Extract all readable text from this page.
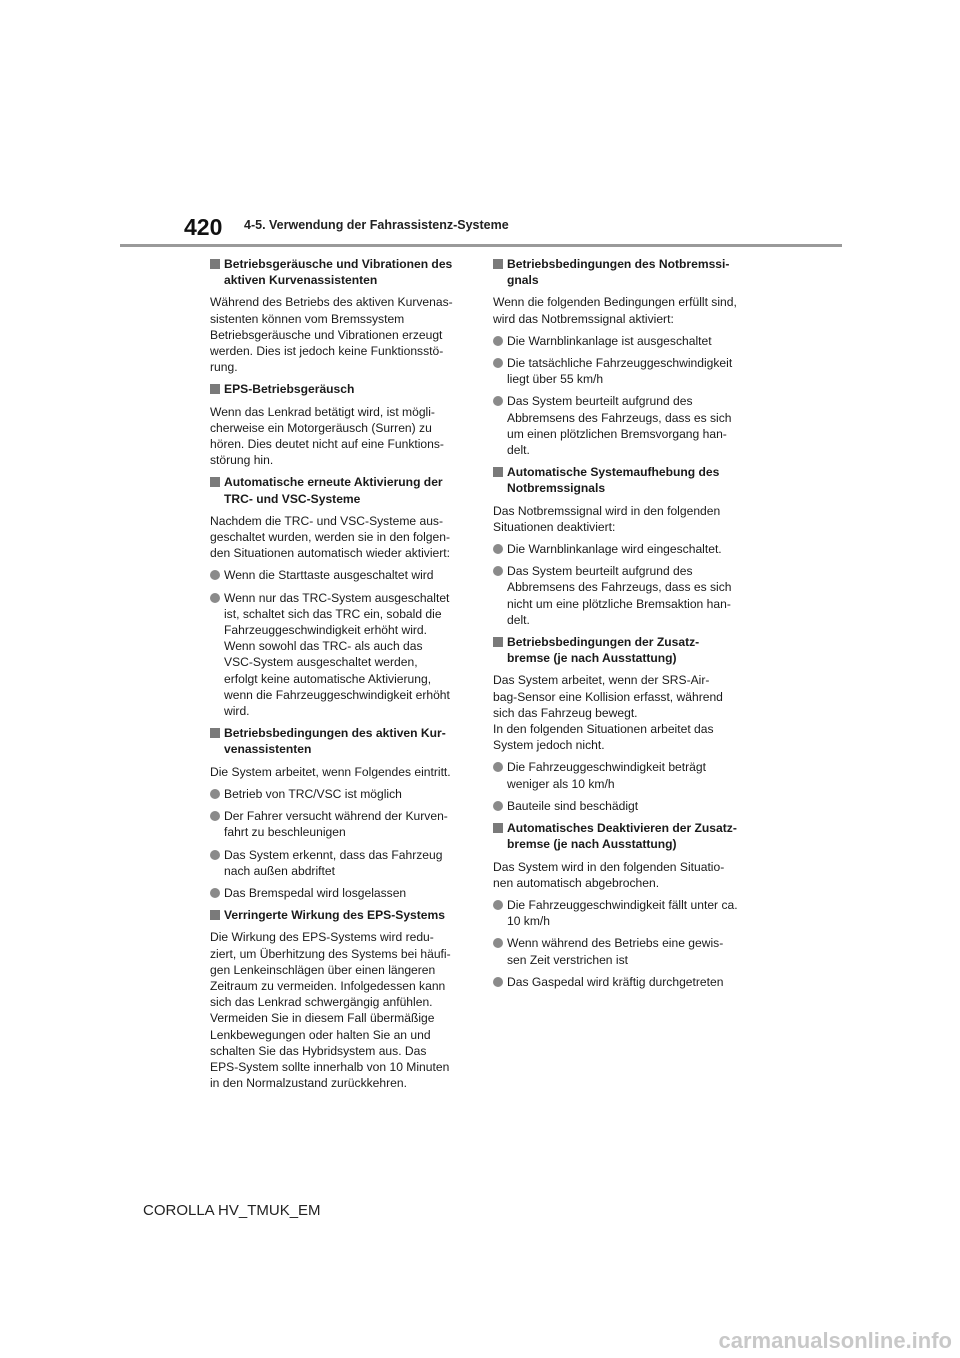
420 4-5. Verwendung der Fahrassistenz-Systeme
Betriebsgeräusche und Vibrationen des
aktiven Kurvenassistenten
Während des Betriebs des aktiven Kurvenas-
sistenten können vom Bremssystem
Betriebsgeräusche und Vibrationen erzeugt
werden. Dies ist jedoch keine Funktionsstö-
rung.
EPS-Betriebsgeräusch
Wenn das Lenkrad betätigt wird, ist mögli-
cherweise ein Motorgeräusch (Surren) zu
hören. Dies deutet nicht auf eine Funktions-
störung hin.
Automatische erneute Aktivierung der
TRC- und VSC-Systeme
Nachdem die TRC- und VSC-Systeme aus-
geschaltet wurden, werden sie in den folgen-
den Situationen automatisch wieder aktiviert:
Wenn die Starttaste ausgeschaltet wird
Wenn nur das TRC-System ausgeschaltet
ist, schaltet sich das TRC ein, sobald die
Fahrzeuggeschwindigkeit erhöht wird.
Wenn sowohl das TRC- als auch das
VSC-System ausgeschaltet werden,
erfolgt keine automatische Aktivierung,
wenn die Fahrzeuggeschwindigkeit erhöht
wird.
Betriebsbedingungen des aktiven Kur-
venassistenten
Die System arbeitet, wenn Folgendes eintritt.
Betrieb von TRC/VSC ist möglich
Der Fahrer versucht während der Kurven-
fahrt zu beschleunigen
Das System erkennt, dass das Fahrzeug
nach außen abdriftet
Das Bremspedal wird losgelassen
Verringerte Wirkung des EPS-Systems
Die Wirkung des EPS-Systems wird redu-
ziert, um Überhitzung des Systems bei häufi-
gen Lenkeinschlägen über einen längeren
Zeitraum zu vermeiden. Infolgedessen kann
sich das Lenkrad schwergängig anfühlen.
Vermeiden Sie in diesem Fall übermäßige
Lenkbewegungen oder halten Sie an und
schalten Sie das Hybridsystem aus. Das
EPS-System sollte innerhalb von 10 Minuten
in den Normalzustand zurückkehren.
Betriebsbedingungen des Notbremssi-
gnals
Wenn die folgenden Bedingungen erfüllt sind,
wird das Notbremssignal aktiviert:
Die Warnblinkanlage ist ausgeschaltet
Die tatsächliche Fahrzeuggeschwindigkeit
liegt über 55 km/h
Das System beurteilt aufgrund des
Abbremsens des Fahrzeugs, dass es sich
um einen plötzlichen Bremsvorgang han-
delt.
Automatische Systemaufhebung des
Notbremssignals
Das Notbremssignal wird in den folgenden
Situationen deaktiviert:
Die Warnblinkanlage wird eingeschaltet.
Das System beurteilt aufgrund des
Abbremsens des Fahrzeugs, dass es sich
nicht um eine plötzliche Bremsaktion han-
delt.
Betriebsbedingungen der Zusatz-
bremse (je nach Ausstattung)
Das System arbeitet, wenn der SRS-Air-
bag-Sensor eine Kollision erfasst, während
sich das Fahrzeug bewegt.
In den folgenden Situationen arbeitet das
System jedoch nicht.
Die Fahrzeuggeschwindigkeit beträgt
weniger als 10 km/h
Bauteile sind beschädigt
Automatisches Deaktivieren der Zusatz-
bremse (je nach Ausstattung)
Das System wird in den folgenden Situatio-
nen automatisch abgebrochen.
Die Fahrzeuggeschwindigkeit fällt unter ca.
10 km/h
Wenn während des Betriebs eine gewis-
sen Zeit verstrichen ist
Das Gaspedal wird kräftig durchgetreten
COROLLA HV_TMUK_EM
carmanualsonline.info
